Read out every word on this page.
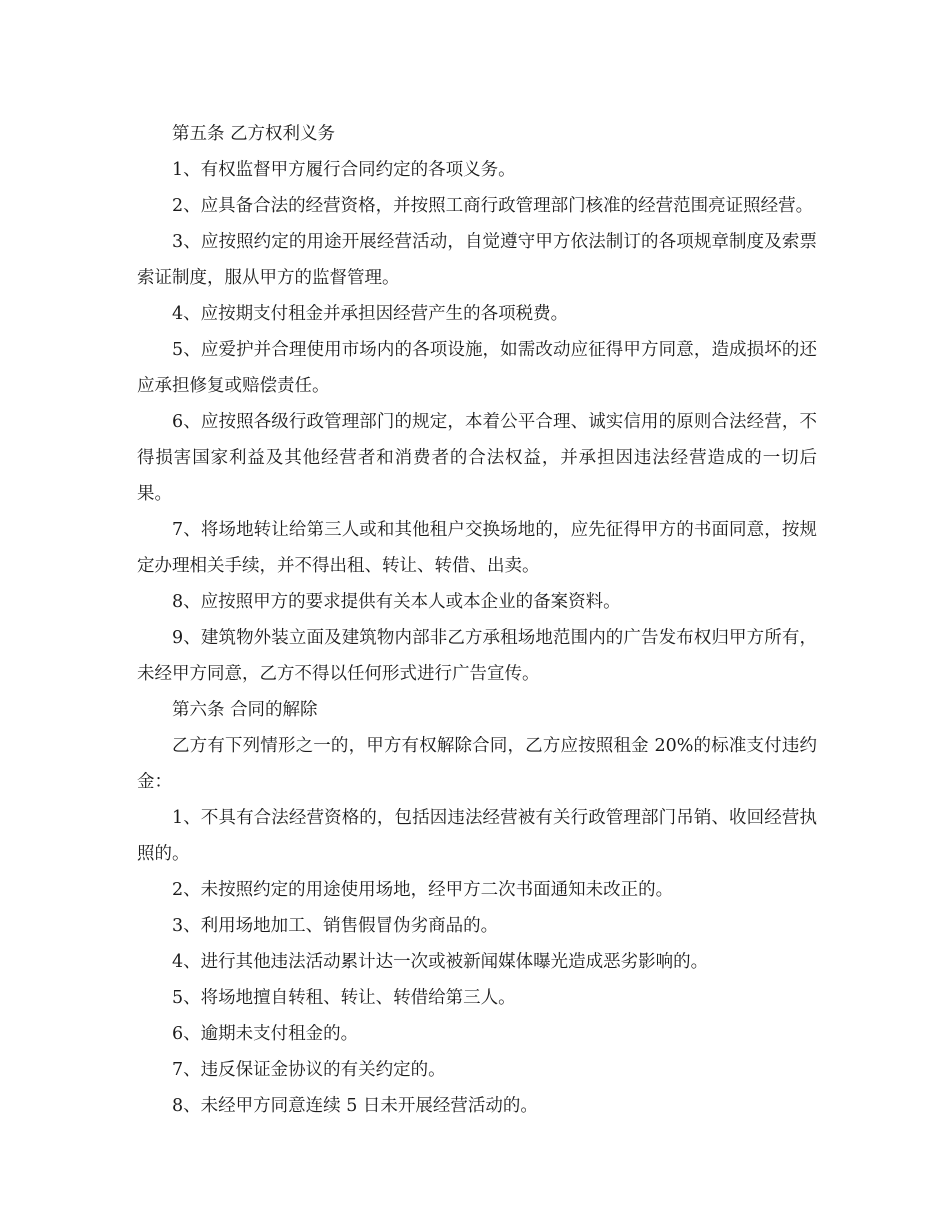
第五条 乙方权利义务

1、有权监督甲方履行合同约定的各项义务。

2、应具备合法的经营资格，并按照工商行政管理部门核准的经营范围亮证照经营。

3、应按照约定的用途开展经营活动，自觉遵守甲方依法制订的各项规章制度及索票索证制度，服从甲方的监督管理。

4、应按期支付租金并承担因经营产生的各项税费。

5、应爱护并合理使用市场内的各项设施，如需改动应征得甲方同意，造成损坏的还应承担修复或赔偿责任。

6、应按照各级行政管理部门的规定，本着公平合理、诚实信用的原则合法经营，不得损害国家利益及其他经营者和消费者的合法权益，并承担因违法经营造成的一切后果。

7、将场地转让给第三人或和其他租户交换场地的，应先征得甲方的书面同意，按规定办理相关手续，并不得出租、转让、转借、出卖。

8、应按照甲方的要求提供有关本人或本企业的备案资料。

9、建筑物外装立面及建筑物内部非乙方承租场地范围内的广告发布权归甲方所有，未经甲方同意，乙方不得以任何形式进行广告宣传。

第六条 合同的解除

乙方有下列情形之一的，甲方有权解除合同，乙方应按照租金 20%的标准支付违约金：

1、不具有合法经营资格的，包括因违法经营被有关行政管理部门吊销、收回经营执照的。

2、未按照约定的用途使用场地，经甲方二次书面通知未改正的。

3、利用场地加工、销售假冒伪劣商品的。

4、进行其他违法活动累计达一次或被新闻媒体曝光造成恶劣影响的。

5、将场地擅自转租、转让、转借给第三人。

6、逾期未支付租金的。

7、违反保证金协议的有关约定的。

8、未经甲方同意连续 5 日未开展经营活动的。
